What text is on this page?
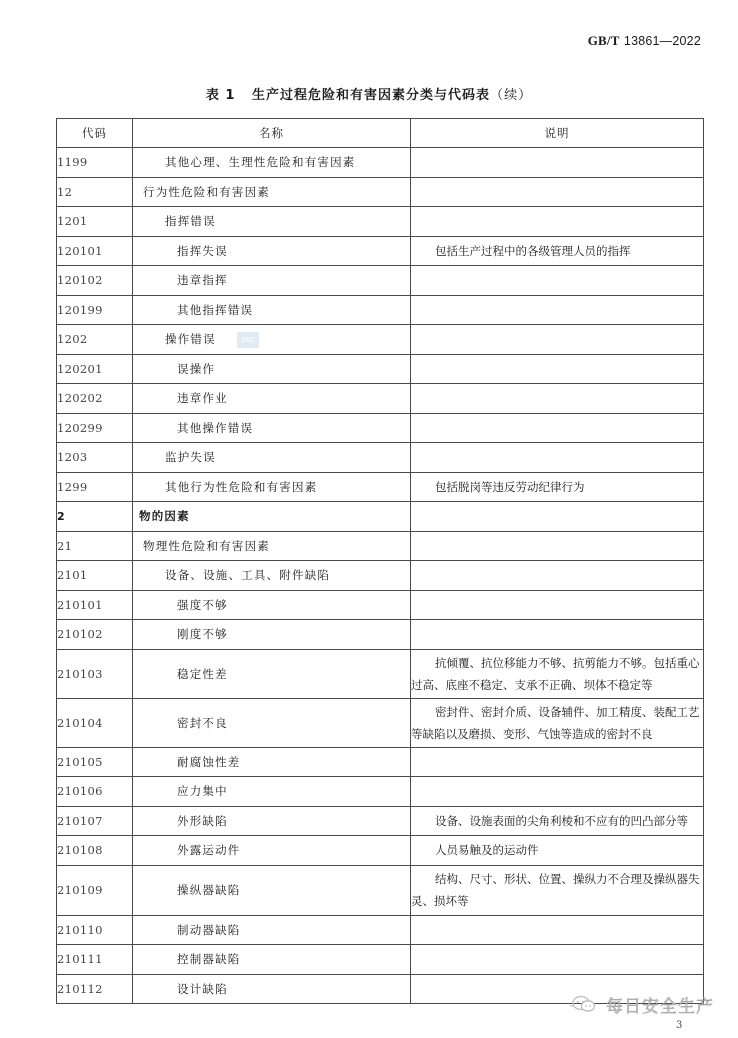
GB/T 13861—2022
表 1   生产过程危险和有害因素分类与代码表（续）
代码	名称	说明
1199	其他心理、生理性危险和有害因素	
12	行为性危险和有害因素	
1201	指挥错误	
120101	指挥失误	包括生产过程中的各级管理人员的指挥
120102	违章指挥	
120199	其他指挥错误	
1202	操作错误	
120201	误操作	
120202	违章作业	
120299	其他操作错误	
1203	监护失误	
1299	其他行为性危险和有害因素	包括脱岗等违反劳动纪律行为
2	物的因素	
21	物理性危险和有害因素	
2101	设备、设施、工具、附件缺陷	
210101	强度不够	
210102	刚度不够	
210103	稳定性差	抗倾覆、抗位移能力不够、抗剪能力不够。包括重心过高、底座不稳定、支承不正确、坝体不稳定等
210104	密封不良	密封件、密封介质、设备辅件、加工精度、装配工艺等缺陷以及磨损、变形、气蚀等造成的密封不良
210105	耐腐蚀性差	
210106	应力集中	
210107	外形缺陷	设备、设施表面的尖角利棱和不应有的凹凸部分等
210108	外露运动件	人员易触及的运动件
210109	操纵器缺陷	结构、尺寸、形状、位置、操纵力不合理及操纵器失灵、损坏等
210110	制动器缺陷	
210111	控制器缺陷	
210112	设计缺陷	
SNC
每日安全生产
3
